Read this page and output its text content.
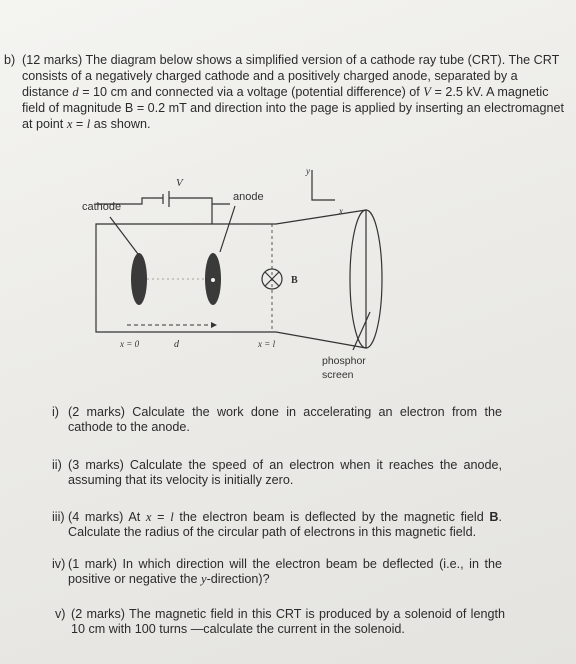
b) (12 marks) The diagram below shows a simplified version of a cathode ray tube (CRT). The CRT consists of a negatively charged cathode and a positively charged anode, separated by a distance d = 10 cm and connected via a voltage (potential difference) of V = 2.5 kV. A magnetic field of magnitude B = 0.2 mT and direction into the page is applied by inserting an electromagnet at point x = l as shown.
cathode
V
anode
y
x
B
x = 0	d	x = l
phosphor
screen
i) (2 marks) Calculate the work done in accelerating an electron from the cathode to the anode.
ii) (3 marks) Calculate the speed of an electron when it reaches the anode, assuming that its velocity is initially zero.
iii) (4 marks) At x = l the electron beam is deflected by the magnetic field B. Calculate the radius of the circular path of electrons in this magnetic field.
iv) (1 mark) In which direction will the electron beam be deflected (i.e., in the positive or negative the y-direction)?
v) (2 marks) The magnetic field in this CRT is produced by a solenoid of length 10 cm with 100 turns —calculate the current in the solenoid.
